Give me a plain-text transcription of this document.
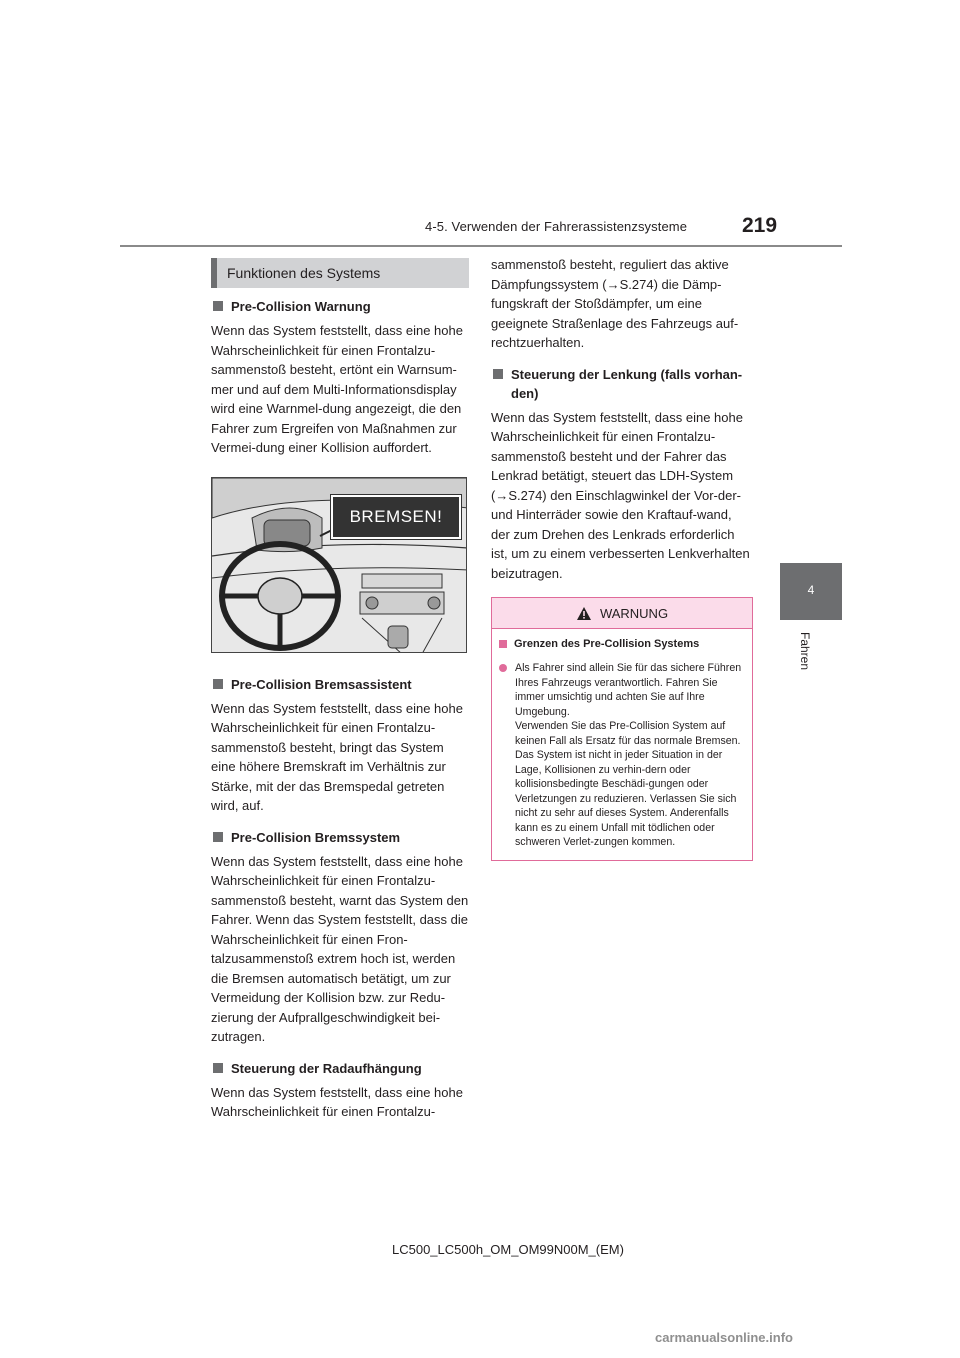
4-5. Verwenden der Fahrerassistenzsysteme	219
4
Fahren
Funktionen des Systems
Pre-Collision Warnung

Wenn das System feststellt, dass eine hohe Wahrscheinlichkeit für einen Frontalzu-sammenstoß besteht, ertönt ein Warnsum-mer und auf dem Multi-Informationsdisplay wird eine Warnmel-dung angezeigt, die den Fahrer zum Ergreifen von Maßnahmen zur Vermei-dung einer Kollision auffordert.

BREMSEN!
Pre-Collision Bremsassistent

Wenn das System feststellt, dass eine hohe Wahrscheinlichkeit für einen Frontalzu-sammenstoß besteht, bringt das System eine höhere Bremskraft im Verhältnis zur Stärke, mit der das Bremspedal getreten wird, auf.

Pre-Collision Bremssystem

Wenn das System feststellt, dass eine hohe Wahrscheinlichkeit für einen Frontalzu-sammenstoß besteht, warnt das System den Fahrer. Wenn das System feststellt, dass die Wahrscheinlichkeit für einen Fron-talzusammenstoß extrem hoch ist, werden die Bremsen automatisch betätigt, um zur Vermeidung der Kollision bzw. zur Redu-zierung der Aufprallgeschwindigkeit bei-zutragen.

Steuerung der Radaufhängung

Wenn das System feststellt, dass eine hohe Wahrscheinlichkeit für einen Frontalzu-

sammenstoß besteht, reguliert das aktive Dämpfungssystem (→S.274) die Dämp-fungskraft der Stoßdämpfer, um eine geeignete Straßenlage des Fahrzeugs auf-rechtzuerhalten.

Steuerung der Lenkung (falls vorhan-den)

Wenn das System feststellt, dass eine hohe Wahrscheinlichkeit für einen Frontalzu-sammenstoß besteht und der Fahrer das Lenkrad betätigt, steuert das LDH-System (→S.274) den Einschlagwinkel der Vor-der- und Hinterräder sowie den Kraftauf-wand, der zum Drehen des Lenkrads erforderlich ist, um zu einem verbesserten Lenkverhalten beizutragen.

WARNUNG
Grenzen des Pre-Collision Systems

Als Fahrer sind allein Sie für das sichere Führen Ihres Fahrzeugs verantwortlich. Fahren Sie immer umsichtig und achten Sie auf Ihre Umgebung.

Verwenden Sie das Pre-Collision System auf keinen Fall als Ersatz für das normale Bremsen. Das System ist nicht in jeder Situation in der Lage, Kollisionen zu verhin-dern oder kollisionsbedingte Beschädi-gungen oder Verletzungen zu reduzieren. Verlassen Sie sich nicht zu sehr auf dieses System. Anderenfalls kann es zu einem Unfall mit tödlichen oder schweren Verlet-zungen kommen.

LC500_LC500h_OM_OM99N00M_(EM)
carmanualsonline.info
